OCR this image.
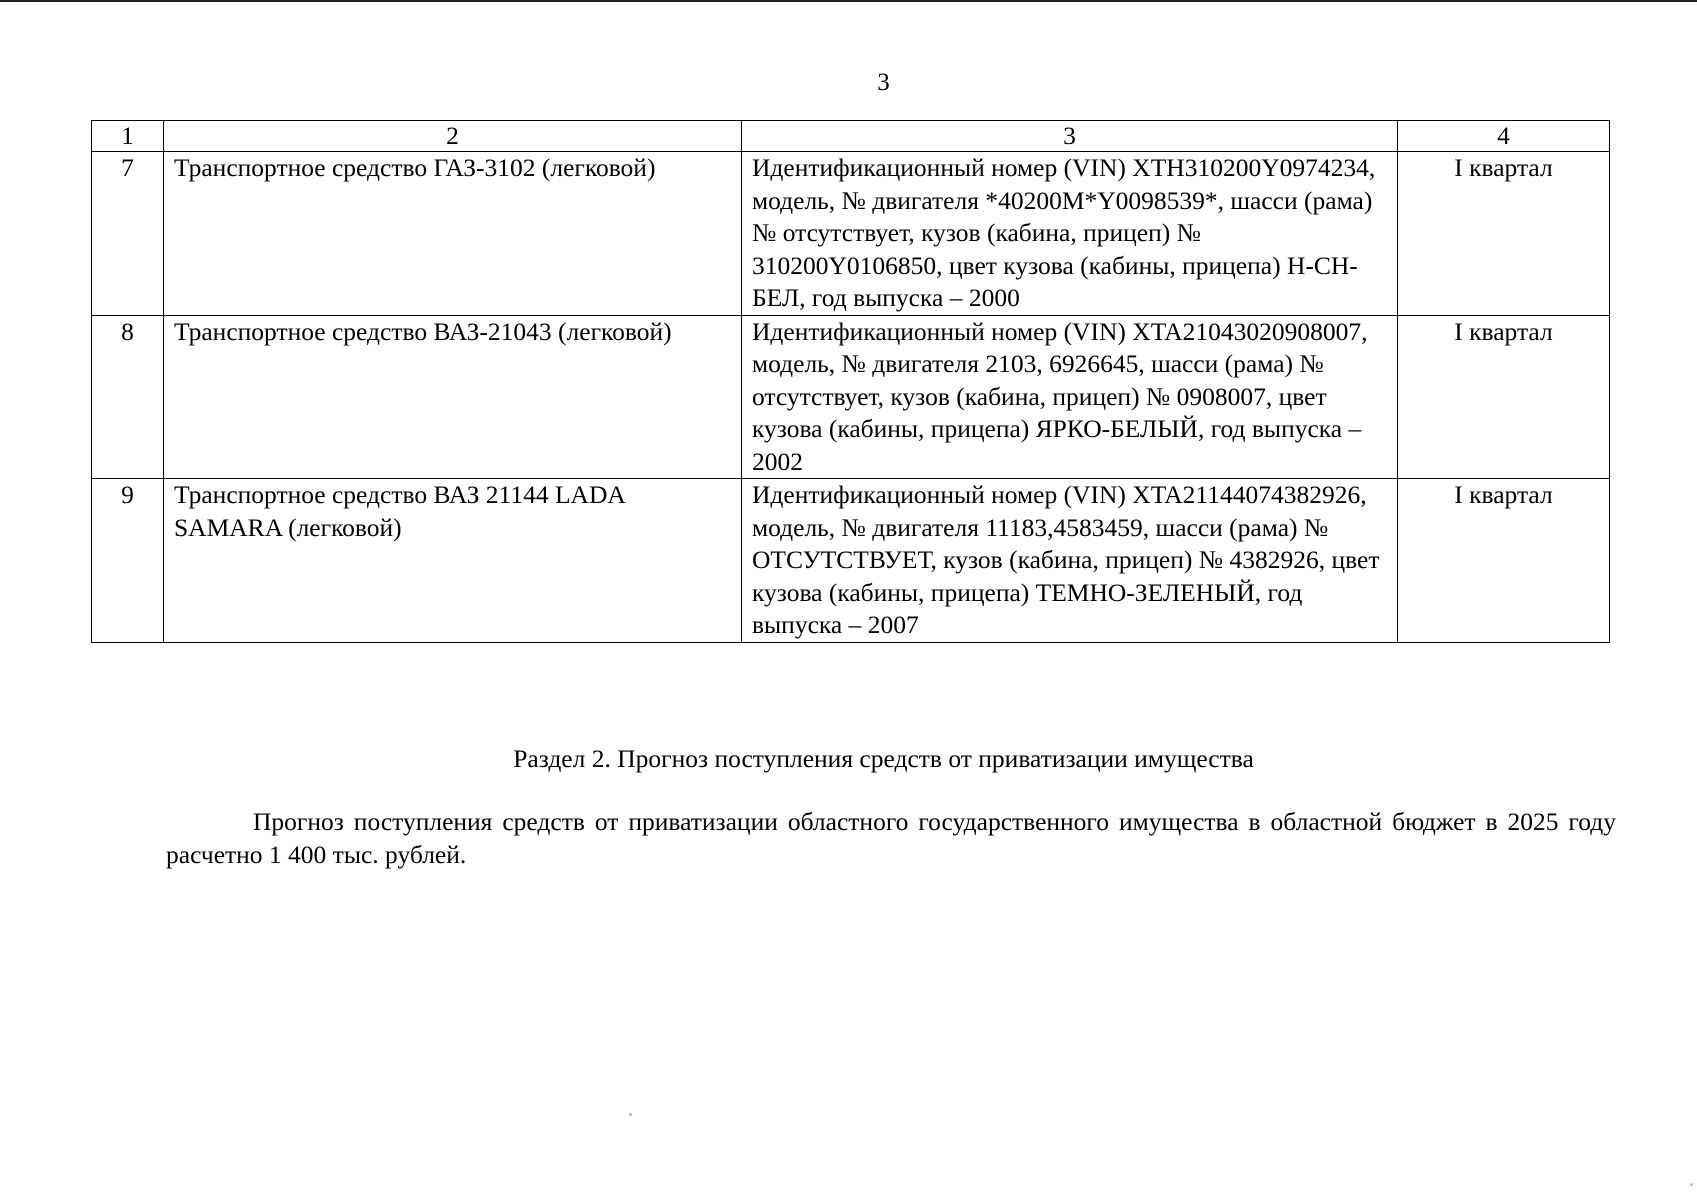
3
1	2	3	4
7	Транспортное средство ГАЗ-3102 (легковой)	Идентификационный номер (VIN) XTH310200Y0974234, модель, № двигателя *40200M*Y0098539*, шасси (рама) № отсутствует, кузов (кабина, прицеп) № 310200Y0106850, цвет кузова (кабины, прицепа) Н-СН-БЕЛ, год выпуска – 2000	I квартал
8	Транспортное средство ВАЗ-21043 (легковой)	Идентификационный номер (VIN) XTA21043020908007, модель, № двигателя 2103, 6926645, шасси (рама) № отсутствует, кузов (кабина, прицеп) № 0908007, цвет кузова (кабины, прицепа) ЯРКО-БЕЛЫЙ, год выпуска – 2002	I квартал
9	Транспортное средство ВАЗ 21144 LADA SAMARA (легковой)	Идентификационный номер (VIN) XTA21144074382926, модель, № двигателя 11183,4583459, шасси (рама) № ОТСУТСТВУЕТ, кузов (кабина, прицеп) № 4382926, цвет кузова (кабины, прицепа) ТЕМНО-ЗЕЛЕНЫЙ, год выпуска – 2007	I квартал
Раздел 2. Прогноз поступления средств от приватизации имущества

Прогноз поступления средств от приватизации областного государственного имущества в областной бюджет в 2025 году расчетно 1 400 тыс. рублей.
